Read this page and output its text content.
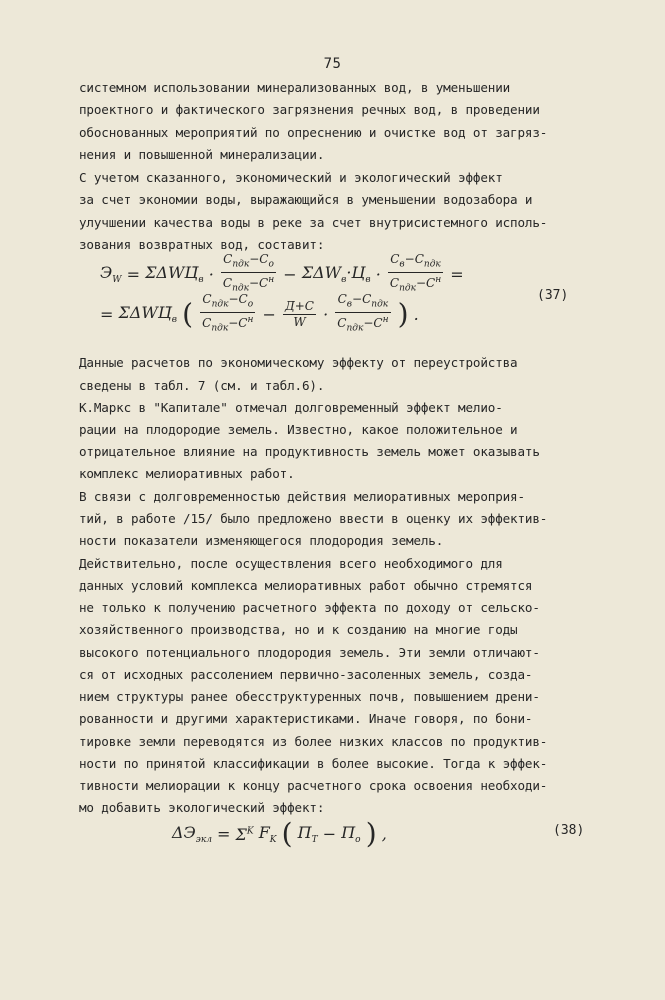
75
системном использовании минерализованных вод, в уменьшении
проектного и фактического загрязнения речных вод, в проведении
обоснованных мероприятий по опреснению и очистке вод от загряз-
нения и повышенной минерализации.
С учетом сказанного, экономический и экологический эффект
за счет экономии воды, выражающийся в уменьшении водозабора и
улучшении качества воды в реке за счет внутрисистемного исполь-
зования возвратных вод, составит:
$Э_W$ = $\Sigma\Delta WЦ̄_в \cdot \frac{C_{пдк}-C_о}{C_{пдк}-C^н} - \Sigma\Delta W_в\cdot Ц_в \cdot \frac{C_в-C_{пдк}}{C_{пдк}-C^н}$ =
= $\Sigma\Delta WЦ̄_в$ ( $\frac{C_{пдк}-C_о}{C_{пдк}-C^н} - \frac{Д+С}{W} \cdot \frac{C_в-C_{пдк}}{C_{пдк}-C^н}$ ) .
(37)
Данные расчетов по экономическому эффекту от переустройства
сведены в табл. 7 (см. и табл.6).
К.Маркс в "Капитале" отмечал долговременный эффект мелио-
рации на плодородие земель. Известно, какое положительное и
отрицательное влияние на продуктивность земель может оказывать
комплекс мелиоративных работ.
В связи с долговременностью действия мелиоративных мероприя-
тий, в работе /15/ было предложено ввести в оценку их эффектив-
ности показатели изменяющегося плодородия земель.
Действительно, после осуществления всего необходимого для
данных условий комплекса мелиоративных работ обычно стремятся
не только к получению расчетного эффекта по доходу от сельско-
хозяйственного производства, но и к созданию на многие годы
высокого потенциального плодородия земель. Эти земли отличают-
ся от исходных рассолением первично-засоленных земель, созда-
нием структуры ранее обесструктуренных почв, повышением дрени-
рованности и другими характеристиками. Иначе говоря, по бони-
тировке земли переводятся из более низких классов по продуктив-
ности по принятой классификации в более высокие. Тогда к эффек-
тивности мелиорации к концу расчетного срока освоения необходи-
мо добавить экологический эффект:
$\Delta Э_{экл} = \Sigma^K$ $F_K$ ( $П_T - П_о$ ) ,	(38)
